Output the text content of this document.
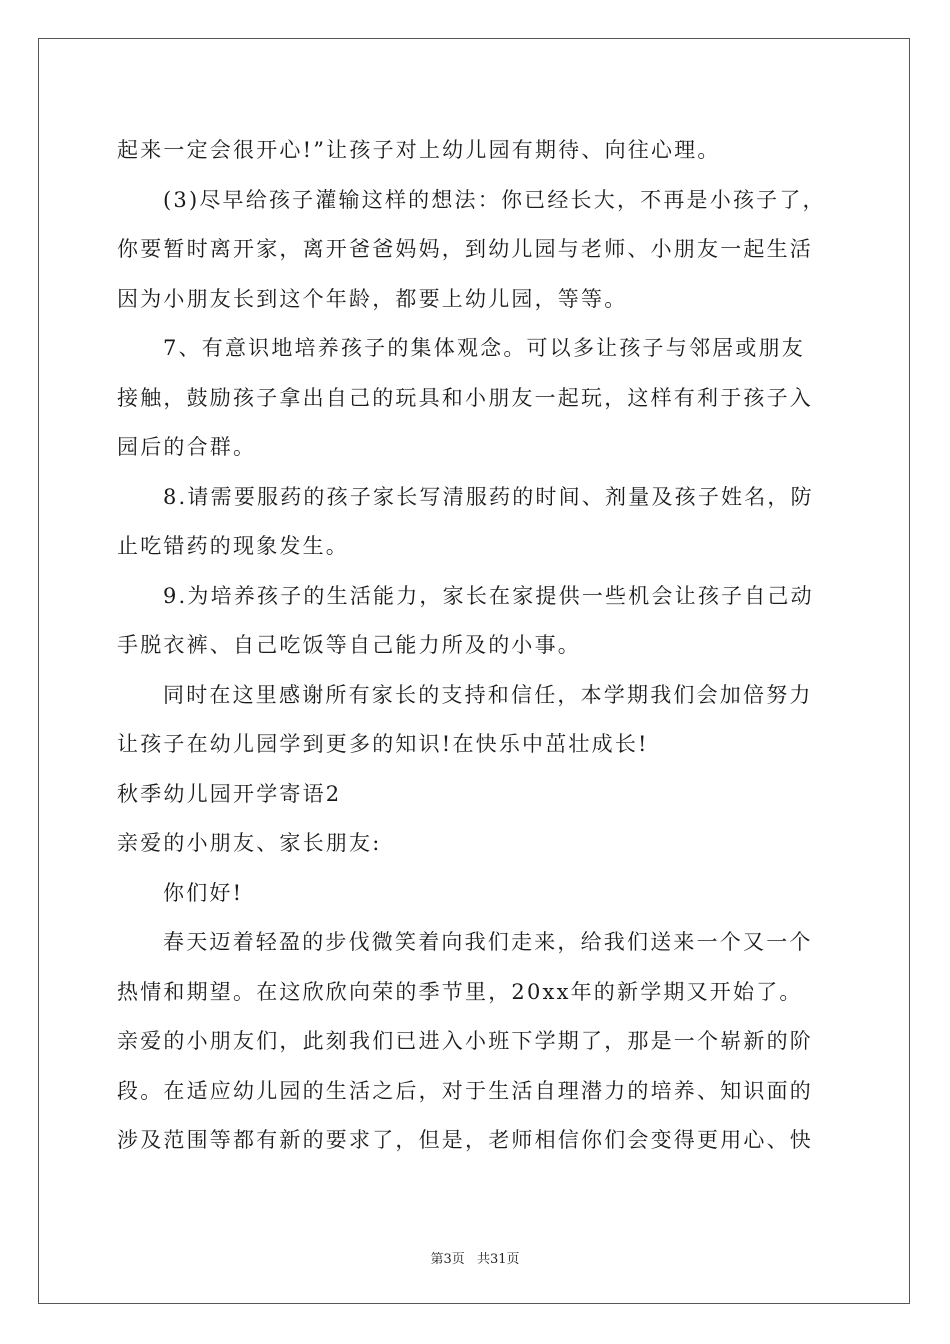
起来一定会很开心!”让孩子对上幼儿园有期待、向往心理。
(3)尽早给孩子灌输这样的想法：你已经长大，不再是小孩子了，
你要暂时离开家，离开爸爸妈妈，到幼儿园与老师、小朋友一起生活
因为小朋友长到这个年龄，都要上幼儿园，等等。
7、有意识地培养孩子的集体观念。可以多让孩子与邻居或朋友
接触，鼓励孩子拿出自己的玩具和小朋友一起玩，这样有利于孩子入
园后的合群。
8.请需要服药的孩子家长写清服药的时间、剂量及孩子姓名，防
止吃错药的现象发生。
9.为培养孩子的生活能力，家长在家提供一些机会让孩子自己动
手脱衣裤、自己吃饭等自己能力所及的小事。
同时在这里感谢所有家长的支持和信任，本学期我们会加倍努力
让孩子在幼儿园学到更多的知识!在快乐中茁壮成长!
秋季幼儿园开学寄语2
亲爱的小朋友、家长朋友:
你们好!
春天迈着轻盈的步伐微笑着向我们走来，给我们送来一个又一个
热情和期望。在这欣欣向荣的季节里，20xx年的新学期又开始了。
亲爱的小朋友们，此刻我们已进入小班下学期了，那是一个崭新的阶
段。在适应幼儿园的生活之后，对于生活自理潜力的培养、知识面的
涉及范围等都有新的要求了，但是，老师相信你们会变得更用心、快
第3页 共31页
